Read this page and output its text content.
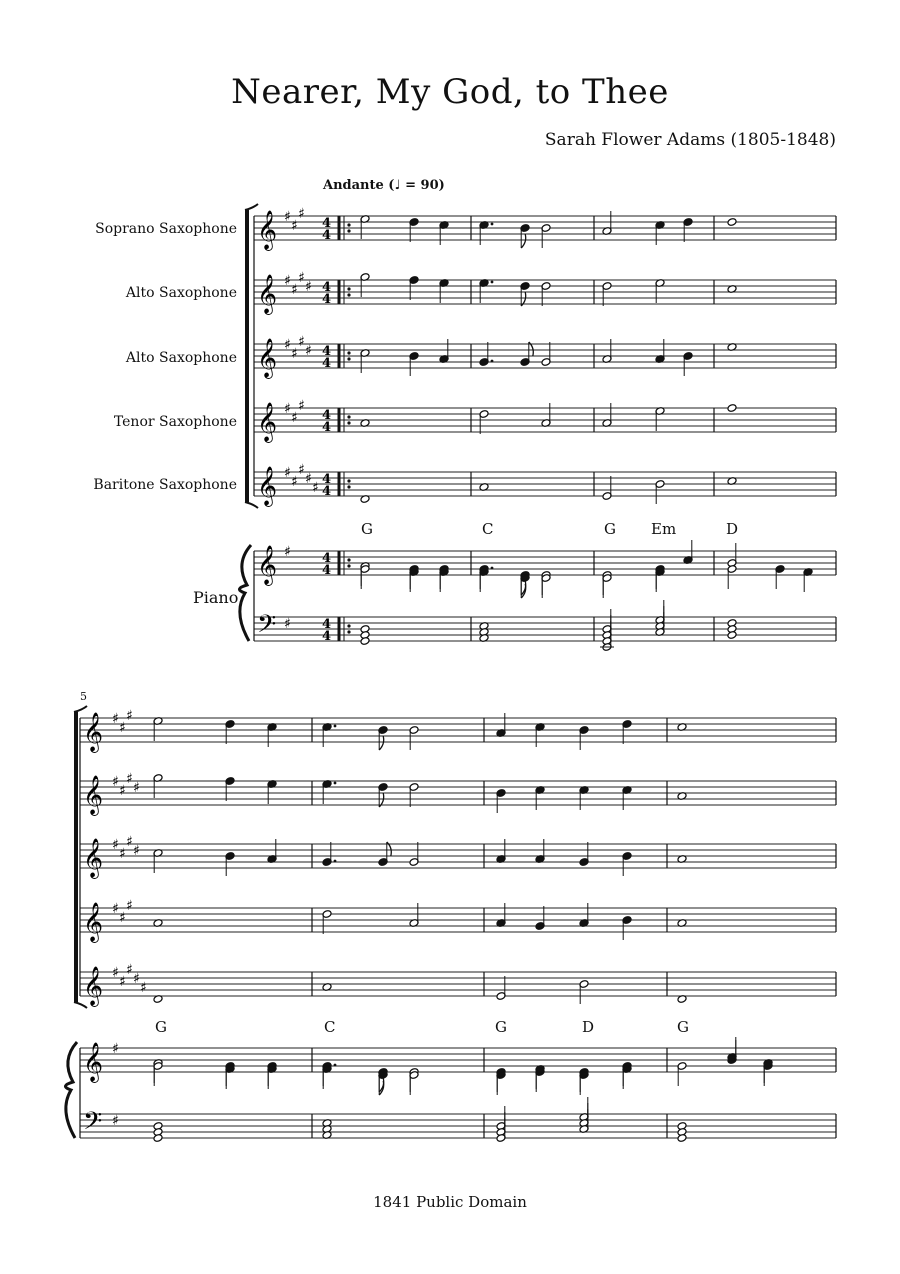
Nearer, My God, to Thee
Sarah Flower Adams (1805-1848)
Andante (♩ = 90)
Soprano Saxophone
Alto Saxophone
Alto Saxophone
Tenor Saxophone
Baritone Saxophone
Piano
G	C	G Em	D
5
G	C	G	D	G
𝄞 ♯
♯
♯
4
4
𝄞 ♯
♯
♯
♯ 4
4
𝄞 ♯
♯
♯
♯ 4
4
𝄞 ♯
♯
♯
4
4
𝄞 ♯
♯
♯
♯
♯
4
4
𝄞 ♯ 4
4
𝄢 ♯ 4
4
𝄞 ♯
♯
♯
𝄞 ♯
♯
♯
♯
𝄞 ♯
♯
♯
♯
𝄞 ♯
♯
♯
𝄞 ♯
♯
♯
♯
♯
𝄞 ♯
𝄢 ♯
1841 Public Domain
